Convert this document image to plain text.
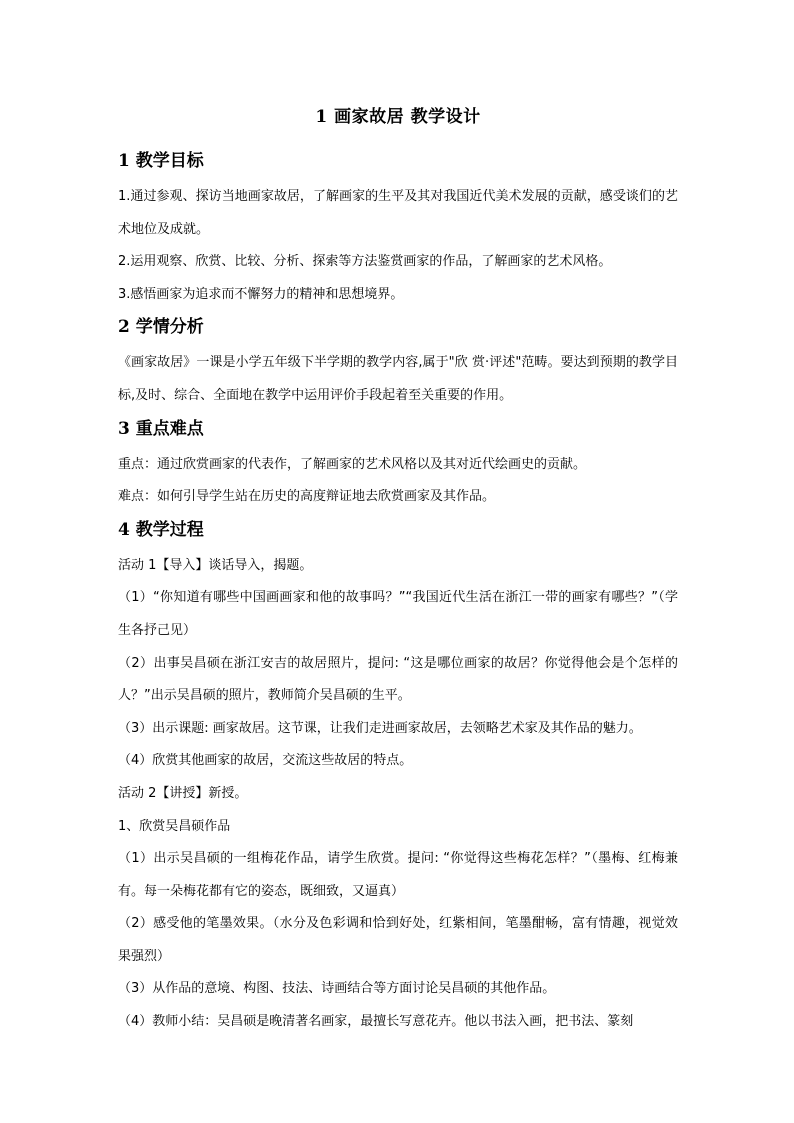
1 画家故居 教学设计
1 教学目标

1.通过参观、探访当地画家故居，了解画家的生平及其对我国近代美术发展的贡献，感受谈们的艺术地位及成就。

2.运用观察、欣赏、比较、分析、探索等方法鉴赏画家的作品，了解画家的艺术风格。

3.感悟画家为追求而不懈努力的精神和思想境界。

2 学情分析

《画家故居》一课是小学五年级下半学期的教学内容,属于"欣 赏·评述"范畴。要达到预期的教学目标,及时、综合、全面地在教学中运用评价手段起着至关重要的作用。

3 重点难点

重点：通过欣赏画家的代表作，了解画家的艺术风格以及其对近代绘画史的贡献。

难点：如何引导学生站在历史的高度辩证地去欣赏画家及其作品。

4 教学过程

活动 1【导入】谈话导入，揭题。

（1）“你知道有哪些中国画画家和他的故事吗？”“我国近代生活在浙江一带的画家有哪些？”（学生各抒己见）

（2）出事吴昌硕在浙江安吉的故居照片，提问: “这是哪位画家的故居？你觉得他会是个怎样的人？”出示吴昌硕的照片，教师简介吴昌硕的生平。

（3）出示课题: 画家故居。这节课，让我们走进画家故居，去领略艺术家及其作品的魅力。

（4）欣赏其他画家的故居，交流这些故居的特点。

活动 2【讲授】新授。

1、欣赏吴昌硕作品

（1）出示吴昌硕的一组梅花作品，请学生欣赏。提问: “你觉得这些梅花怎样？”（墨梅、红梅兼有。每一朵梅花都有它的姿态，既细致，又逼真）

（2）感受他的笔墨效果。（水分及色彩调和恰到好处，红紫相间，笔墨酣畅，富有情趣，视觉效果强烈）

（3）从作品的意境、构图、技法、诗画结合等方面讨论吴昌硕的其他作品。

（4）教师小结：吴昌硕是晚清著名画家，最擅长写意花卉。他以书法入画，把书法、篆刻
